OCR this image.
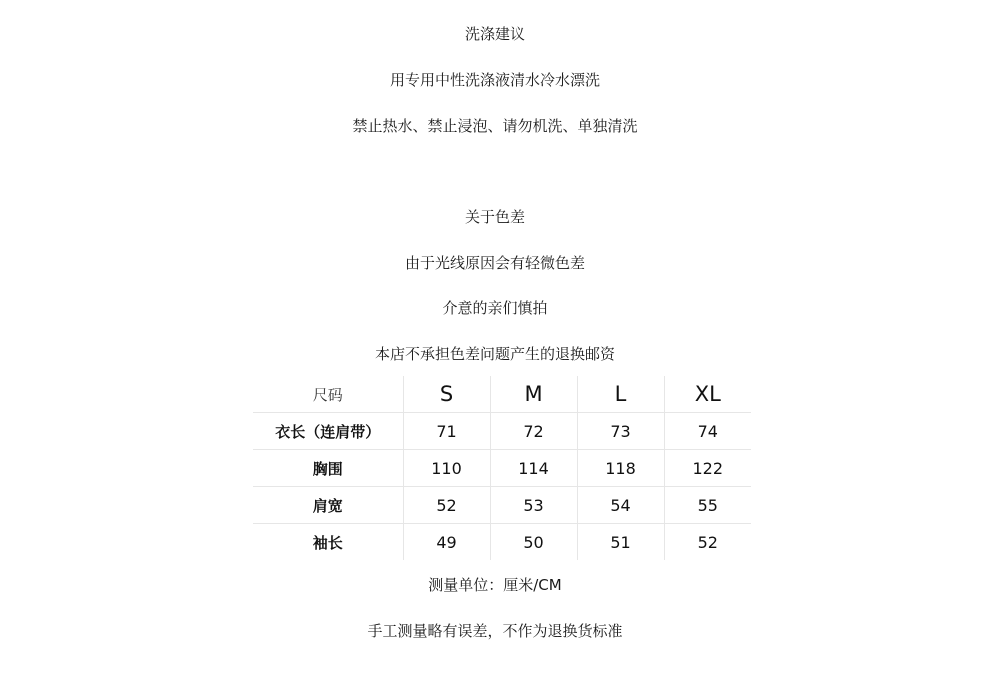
洗涤建议
用专用中性洗涤液清水冷水漂洗
禁止热水、禁止浸泡、请勿机洗、单独清洗
关于色差
由于光线原因会有轻微色差
介意的亲们慎拍
本店不承担色差问题产生的退换邮资
尺码	S	M	L	XL
衣长（连肩带）	71	72	73	74
胸围	110	114	118	122
肩宽	52	53	54	55
袖长	49	50	51	52
测量单位：厘米/CM
手工测量略有误差，不作为退换货标准
